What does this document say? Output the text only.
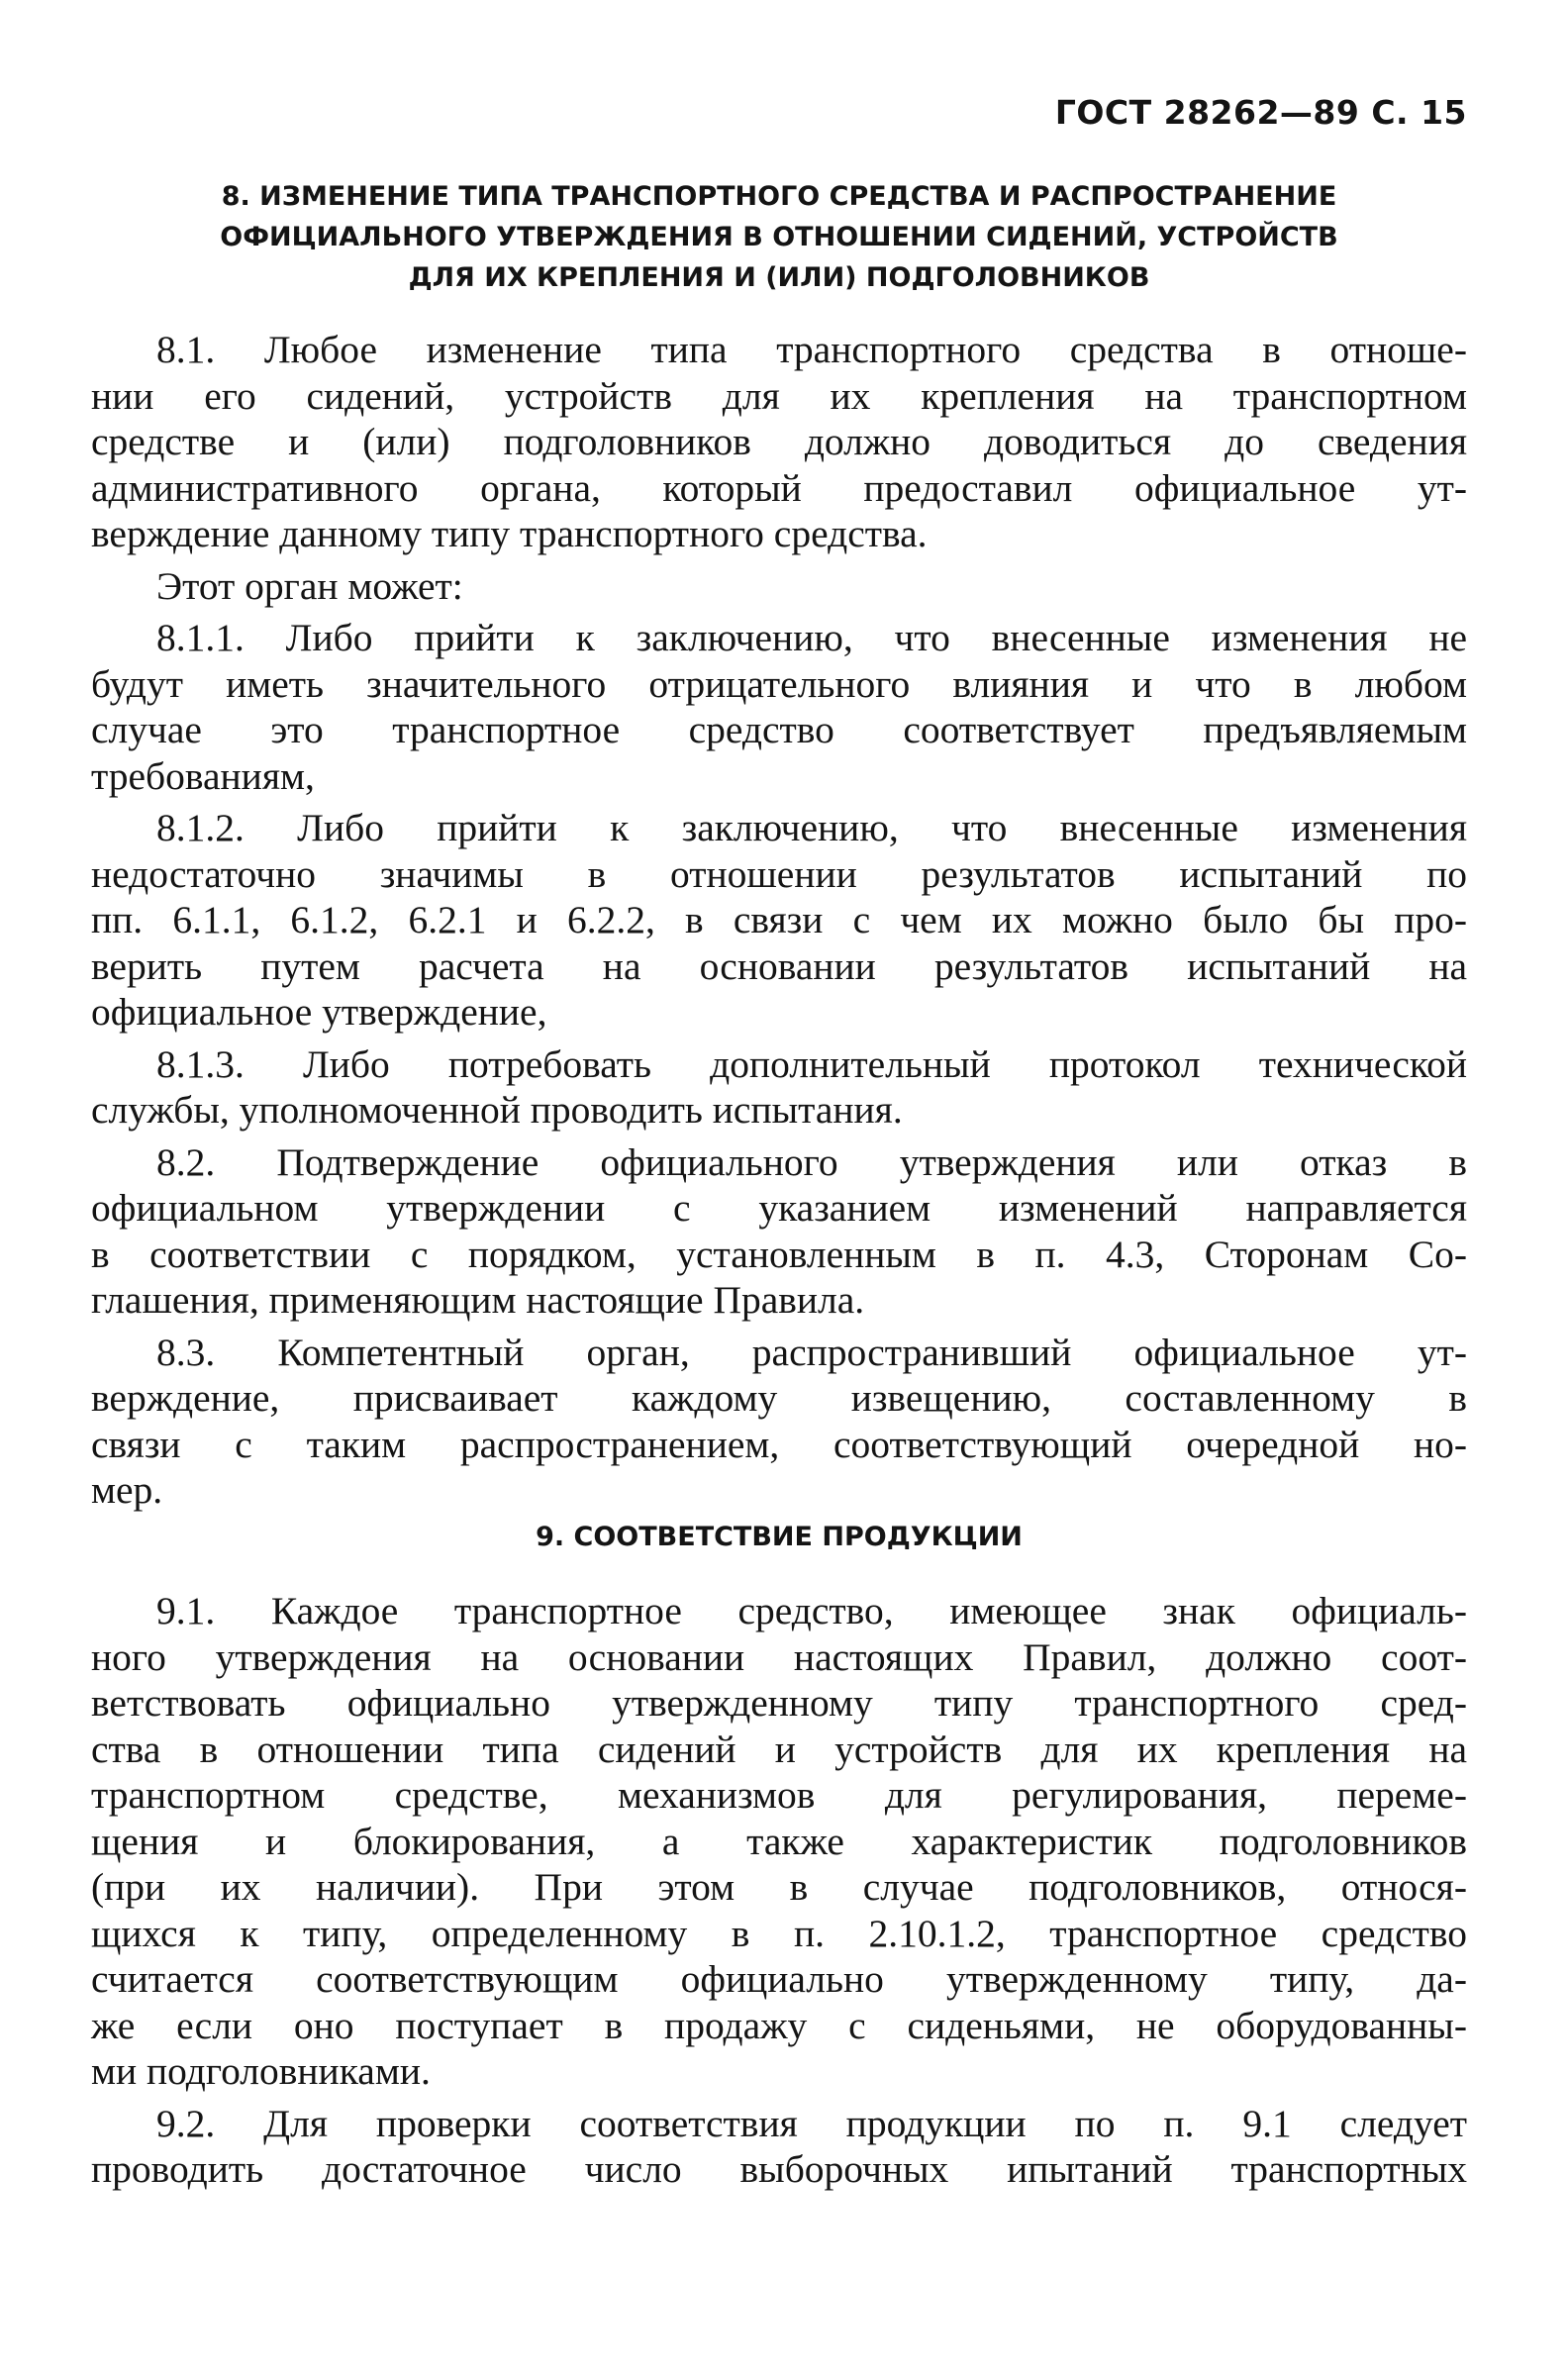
ГОСТ 28262—89 С. 15
8. ИЗМЕНЕНИЕ ТИПА ТРАНСПОРТНОГО СРЕДСТВА И РАСПРОСТРАНЕНИЕ
ОФИЦИАЛЬНОГО УТВЕРЖДЕНИЯ В ОТНОШЕНИИ СИДЕНИЙ, УСТРОЙСТВ
ДЛЯ ИХ КРЕПЛЕНИЯ И (ИЛИ) ПОДГОЛОВНИКОВ

8.1. Любое изменение типа транспортного средства в отноше-
нии его сидений, устройств для их крепления на транспортном
средстве и (или) подголовников должно доводиться до сведения
административного органа, который предоставил официальное ут-
верждение данному типу транспортного средства.

Этот орган может:

8.1.1. Либо прийти к заключению, что внесенные изменения не
будут иметь значительного отрицательного влияния и что в любом
случае это транспортное средство соответствует предъявляемым
требованиям,

8.1.2. Либо прийти к заключению, что внесенные изменения
недостаточно значимы в отношении результатов испытаний по
пп. 6.1.1, 6.1.2, 6.2.1 и 6.2.2, в связи с чем их можно было бы про-
верить путем расчета на основании результатов испытаний на
официальное утверждение,

8.1.3. Либо потребовать дополнительный протокол технической
службы, уполномоченной проводить испытания.

8.2. Подтверждение официального утверждения или отказ в
официальном утверждении с указанием изменений направляется
в соответствии с порядком, установленным в п. 4.3, Сторонам Со-
глашения, применяющим настоящие Правила.

8.3. Компетентный орган, распространивший официальное ут-
верждение, присваивает каждому извещению, составленному в
связи с таким распространением, соответствующий очередной но-
мер.

9. СООТВЕТСТВИЕ ПРОДУКЦИИ

9.1. Каждое транспортное средство, имеющее знак официаль-
ного утверждения на основании настоящих Правил, должно соот-
ветствовать официально утвержденному типу транспортного сред-
ства в отношении типа сидений и устройств для их крепления на
транспортном средстве, механизмов для регулирования, переме-
щения и блокирования, а также характеристик подголовников
(при их наличии). При этом в случае подголовников, относя-
щихся к типу, определенному в п. 2.10.1.2, транспортное средство
считается соответствующим официально утвержденному типу, да-
же если оно поступает в продажу с сиденьями, не оборудованны-
ми подголовниками.

9.2. Для проверки соответствия продукции по п. 9.1 следует
проводить достаточное число выборочных ипытаний транспортных
